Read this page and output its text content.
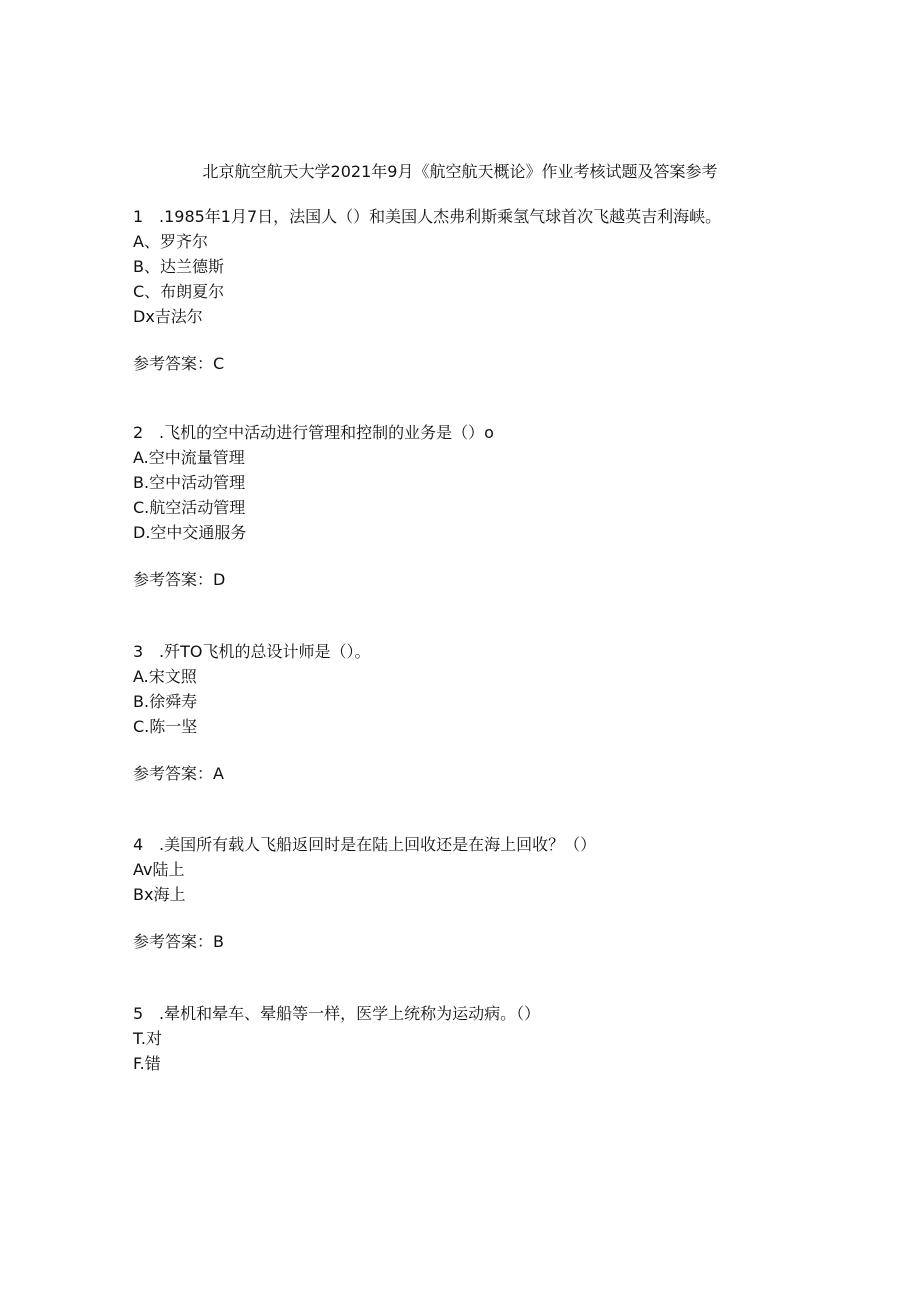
北京航空航天大学2021年9月《航空航天概论》作业考核试题及答案参考
1 .1985年1月7日，法国人（）和美国人杰弗利斯乘氢气球首次飞越英吉利海峡。
A、罗齐尔
B、达兰德斯
C、布朗夏尔
Dx吉法尔
参考答案：C
2 .飞机的空中活动进行管理和控制的业务是（）o
A.空中流量管理
B.空中活动管理
C.航空活动管理
D.空中交通服务
参考答案：D
3 .歼TO飞机的总设计师是（）。
A.宋文照
B.徐舜寿
C.陈一坚
参考答案：A
4 .美国所有载人飞船返回时是在陆上回收还是在海上回收？（）
Av陆上
Bx海上
参考答案：B
5 .晕机和晕车、晕船等一样，医学上统称为运动病。（）
T.对
F.错
